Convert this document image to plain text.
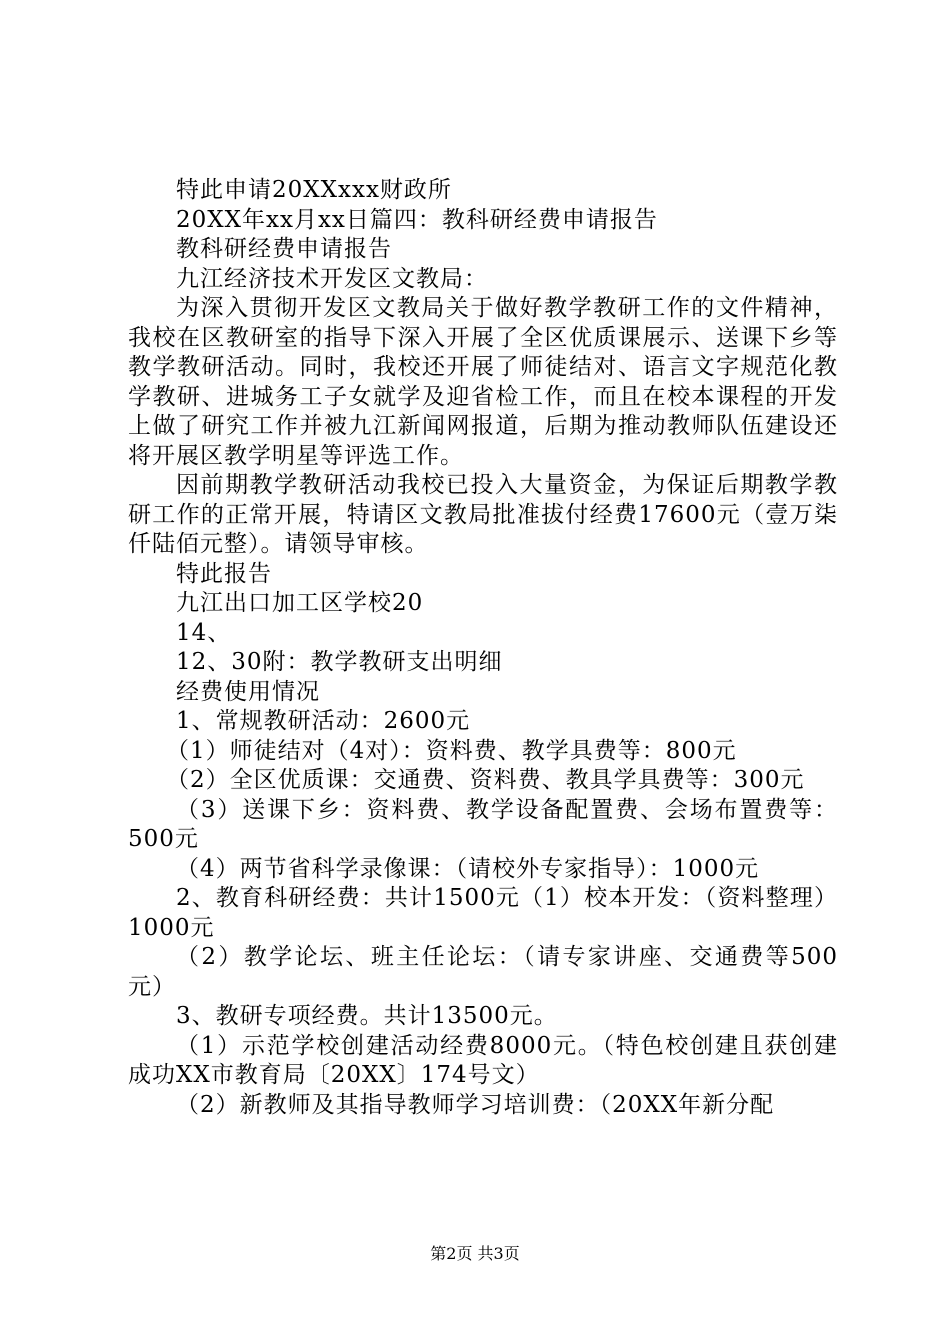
特此申请20XXxxx财政所
20XX年xx月xx日篇四：教科研经费申请报告
教科研经费申请报告
九江经济技术开发区文教局：
为深入贯彻开发区文教局关于做好教学教研工作的文件精神，我校在区教研室的指导下深入开展了全区优质课展示、送课下乡等教学教研活动。同时，我校还开展了师徒结对、语言文字规范化教学教研、进城务工子女就学及迎省检工作，而且在校本课程的开发上做了研究工作并被九江新闻网报道，后期为推动教师队伍建设还将开展区教学明星等评选工作。
因前期教学教研活动我校已投入大量资金，为保证后期教学教研工作的正常开展，特请区文教局批准拔付经费17600元（壹万柒仟陆佰元整）。请领导审核。
特此报告
九江出口加工区学校20
14、
12、30附：教学教研支出明细
经费使用情况
1、常规教研活动：2600元
（1）师徒结对（4对）：资料费、教学具费等：800元
（2）全区优质课：交通费、资料费、教具学具费等：300元
（3）送课下乡：资料费、教学设备配置费、会场布置费等：500元
（4）两节省科学录像课：（请校外专家指导）：1000元
2、教育科研经费：共计1500元（1）校本开发：（资料整理）1000元
（2）教学论坛、班主任论坛：（请专家讲座、交通费等500元）
3、教研专项经费。共计13500元。
（1）示范学校创建活动经费8000元。（特色校创建且获创建成功XX市教育局〔20XX〕174号文）
（2）新教师及其指导教师学习培训费：（20XX年新分配
第2页 共3页
